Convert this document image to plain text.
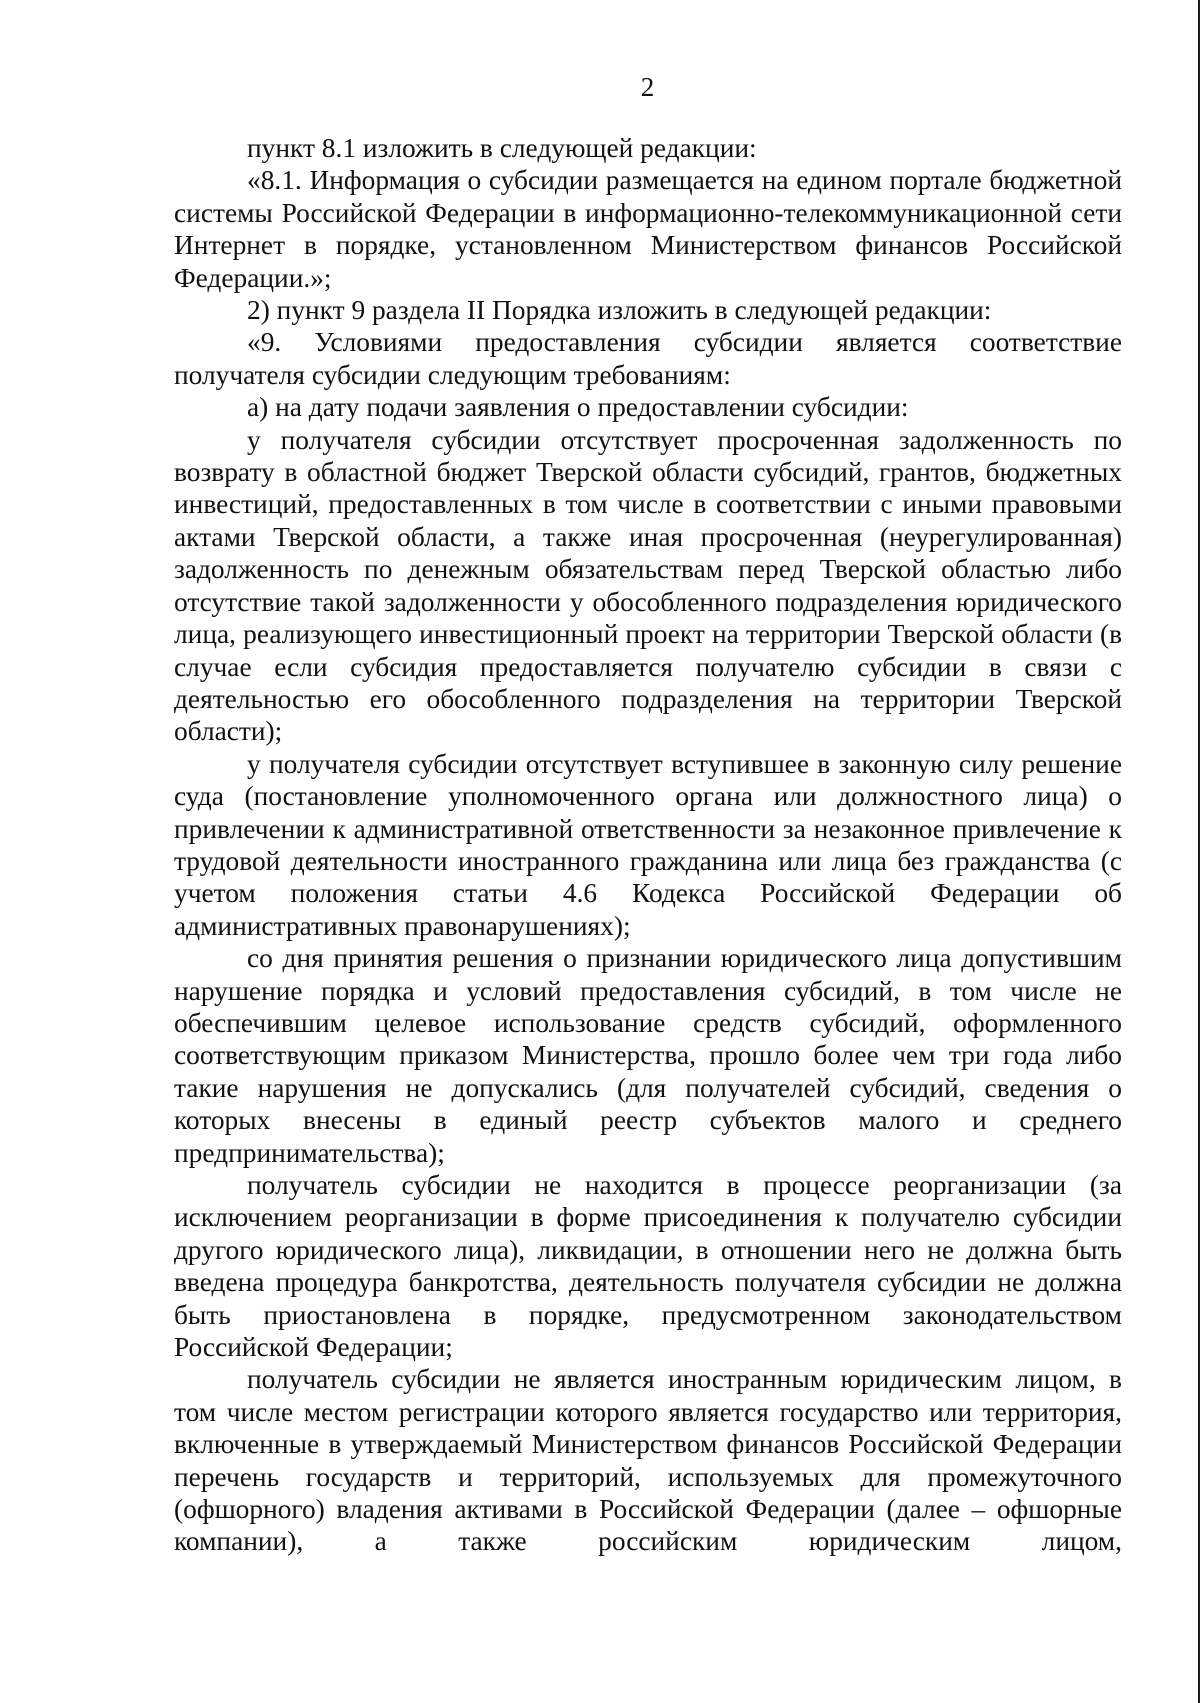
2

пункт 8.1 изложить в следующей редакции:

«8.1. Информация о субсидии размещается на едином портале бюджетной системы Российской Федерации в информационно-телекоммуникационной сети Интернет в порядке, установленном Министерством финансов Российской Федерации.»;

2) пункт 9 раздела II Порядка изложить в следующей редакции:

«9. Условиями предоставления субсидии является соответствие получателя субсидии следующим требованиям:

а) на дату подачи заявления о предоставлении субсидии:

у получателя субсидии отсутствует просроченная задолженность по возврату в областной бюджет Тверской области субсидий, грантов, бюджетных инвестиций, предоставленных в том числе в соответствии с иными правовыми актами Тверской области, а также иная просроченная (неурегулированная) задолженность по денежным обязательствам перед Тверской областью либо отсутствие такой задолженности у обособленного подразделения юридического лица, реализующего инвестиционный проект на территории Тверской области (в случае если субсидия предоставляется получателю субсидии в связи с деятельностью его обособленного подразделения на территории Тверской области);

у получателя субсидии отсутствует вступившее в законную силу решение суда (постановление уполномоченного органа или должностного лица) о привлечении к административной ответственности за незаконное привлечение к трудовой деятельности иностранного гражданина или лица без гражданства (с учетом положения статьи 4.6 Кодекса Российской Федерации об административных правонарушениях);

со дня принятия решения о признании юридического лица допустившим нарушение порядка и условий предоставления субсидий, в том числе не обеспечившим целевое использование средств субсидий, оформленного соответствующим приказом Министерства, прошло более чем три года либо такие нарушения не допускались (для получателей субсидий, сведения о которых внесены в единый реестр субъектов малого и среднего предпринимательства);

получатель субсидии не находится в процессе реорганизации (за исключением реорганизации в форме присоединения к получателю субсидии другого юридического лица), ликвидации, в отношении него не должна быть введена процедура банкротства, деятельность получателя субсидии не должна быть приостановлена в порядке, предусмотренном законодательством Российской Федерации;

получатель субсидии не является иностранным юридическим лицом, в том числе местом регистрации которого является государство или территория, включенные в утверждаемый Министерством финансов Российской Федерации перечень государств и территорий, используемых для промежуточного (офшорного) владения активами в Российской Федерации (далее – офшорные компании), а также российским юридическим лицом,
